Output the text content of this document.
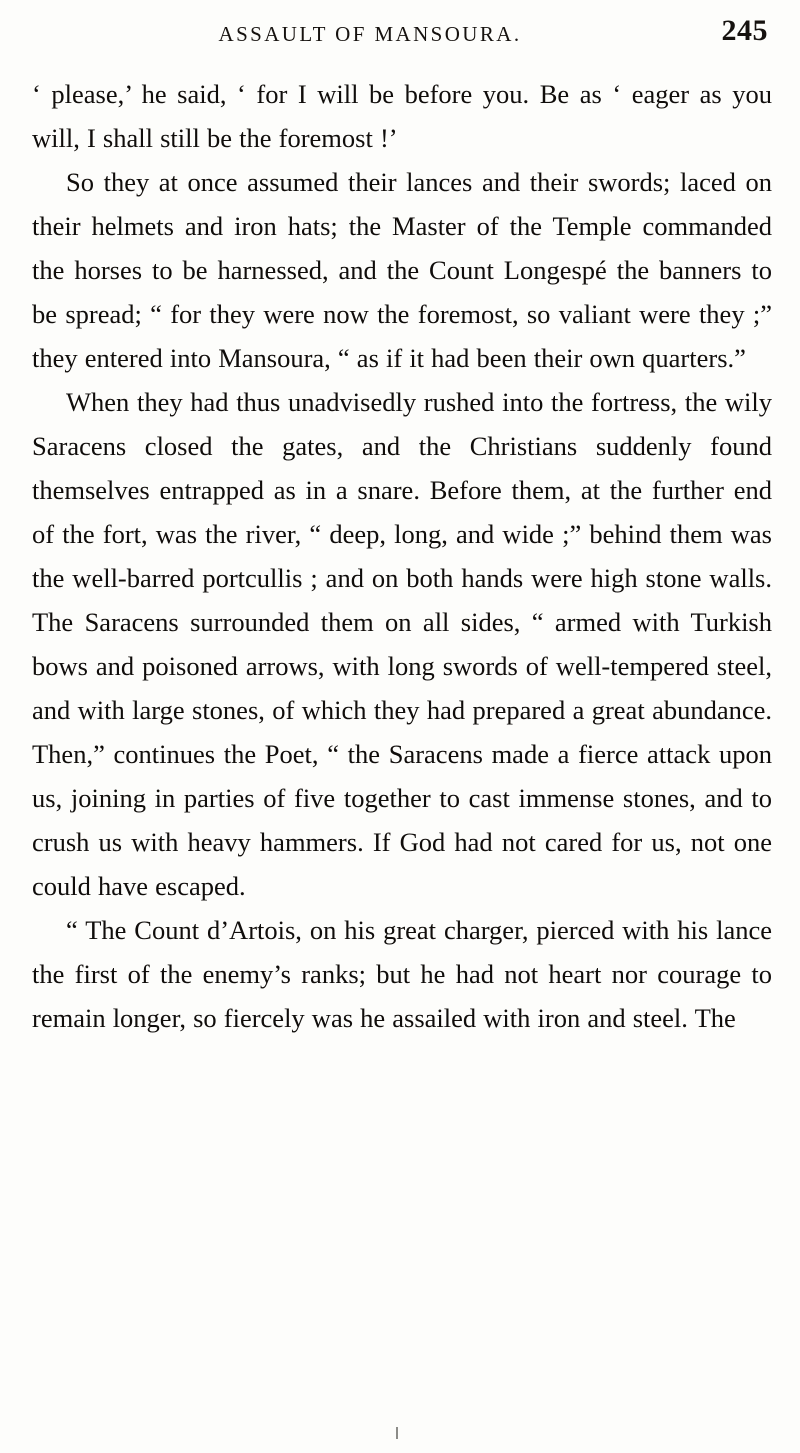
ASSAULT OF MANSOURA.	245

‘ please,’ he said, ‘ for I will be before you. Be as ‘ eager as you will, I shall still be the foremost !’

So they at once assumed their lances and their swords; laced on their helmets and iron hats; the Master of the Temple commanded the horses to be harnessed, and the Count Longespé the banners to be spread; “ for they were now the foremost, so valiant were they ;” they entered into Mansoura, “ as if it had been their own quarters.”

When they had thus unadvisedly rushed into the fortress, the wily Saracens closed the gates, and the Christians suddenly found themselves entrapped as in a snare. Before them, at the further end of the fort, was the river, “ deep, long, and wide ;” behind them was the well-barred portcullis ; and on both hands were high stone walls. The Saracens surrounded them on all sides, “ armed with Turkish bows and poisoned arrows, with long swords of well-tempered steel, and with large stones, of which they had prepared a great abundance. Then,” continues the Poet, “ the Saracens made a fierce attack upon us, joining in parties of five together to cast immense stones, and to crush us with heavy hammers. If God had not cared for us, not one could have escaped.

“ The Count d’Artois, on his great charger, pierced with his lance the first of the enemy’s ranks; but he had not heart nor courage to remain longer, so fiercely was he assailed with iron and steel. The
